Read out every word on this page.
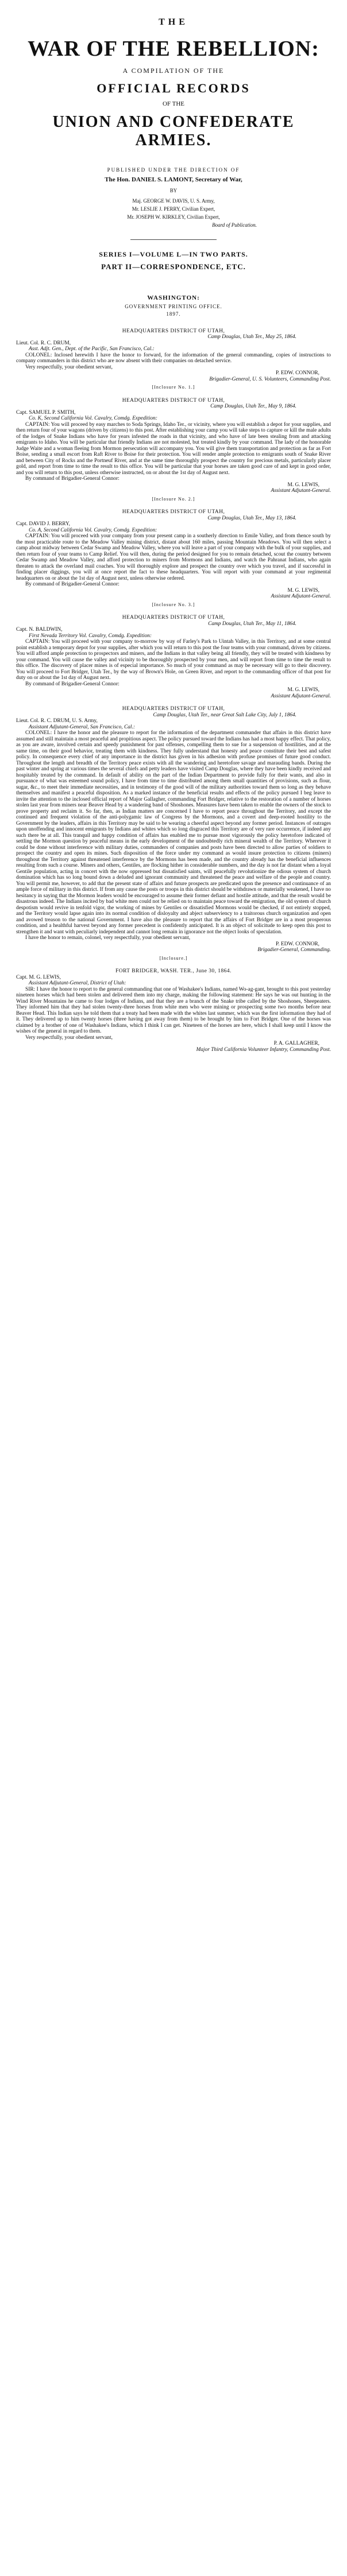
THE
WAR OF THE REBELLION:
A COMPILATION OF THE
OFFICIAL RECORDS
OF THE
UNION AND CONFEDERATE ARMIES.
PUBLISHED UNDER THE DIRECTION OF
The Hon. DANIEL S. LAMONT, Secretary of War,
BY
Maj. GEORGE W. DAVIS, U. S. Army,
Mr. LESLIE J. PERRY, Civilian Expert,
Mr. JOSEPH W. KIRKLEY, Civilian Expert,
Board of Publication.
SERIES I—VOLUME L—IN TWO PARTS.
PART II—CORRESPONDENCE, ETC.
WASHINGTON:
GOVERNMENT PRINTING OFFICE.
1897.
HEADQUARTERS DISTRICT OF UTAH,
Camp Douglas, Utah Ter., May 25, 1864.
Lieut. Col. R. C. DRUM,
Asst. Adjt. Gen., Dept. of the Pacific, San Francisco, Cal.:

COLONEL: Inclosed herewith I have the honor to forward, for the information of the general commanding, copies of instructions to company commanders in this district who are now absent with their companies on detached service.

Very respectfully, your obedient servant,

P. EDW. CONNOR,
Brigadier-General, U. S. Volunteers, Commanding Post.
[Inclosure No. 1.]
HEADQUARTERS DISTRICT OF UTAH,
Camp Douglas, Utah Ter., May 9, 1864.
Capt. SAMUEL P. SMITH,
Co. K, Second California Vol. Cavalry, Comdg. Expedition:

CAPTAIN: You will proceed by easy marches to Soda Springs, Idaho Ter., or vicinity, where you will establish a depot for your supplies, and then return four of your wagons (driven by citizens) to this post. After establishing your camp you will take steps to capture or kill the male adults of the lodges of Snake Indians who have for years infested the roads in that vicinity, and who have of late been stealing from and attacking emigrants to Idaho. You will be particular that friendly Indians are not molested, but treated kindly by your command. The lady of the honorable Judge Waite and a woman fleeing from Mormon persecution will accompany you. You will give them transportation and protection as far as Fort Boise, sending a small escort from Raft River to Boise for their protection. You will render ample protection to emigrants south of Snake River and between City of Rocks and the Portneuf River, and at the same time thoroughly prospect the country for precious metals, particularly placer gold, and report from time to time the result to this office. You will be particular that your horses are taken good care of and kept in good order, and you will return to this post, unless otherwise instructed, on or about the 1st day of August next.

By command of Brigadier-General Connor:

M. G. LEWIS,
Assistant Adjutant-General.
[Inclosure No. 2.]
HEADQUARTERS DISTRICT OF UTAH,
Camp Douglas, Utah Ter., May 13, 1864.
Capt. DAVID J. BERRY,
Co. A, Second California Vol. Cavalry, Comdg. Expedition:

CAPTAIN: You will proceed with your company from your present camp in a southerly direction to Emile Valley, and from thence south by the most practicable route to the Meadow Valley mining district, distant about 160 miles, passing Mountain Meadows. You will then select a camp about midway between Cedar Swamp and Meadow Valley, where you will leave a part of your company with the bulk of your supplies, and then return four of your teams to Camp Relief. You will then, during the period designed for you to remain detached, scout the country between Cedar Swamp and Meadow Valley, and afford protection to miners from Mormons and Indians, and watch the Pahranat Indians, who again threaten to attack the overland mail coaches. You will thoroughly explore and prospect the country over which you travel, and if successful in finding placer diggings, you will at once report the fact to these headquarters. You will report with your command at your regimental headquarters on or about the 1st day of August next, unless otherwise ordered.

By command of Brigadier-General Connor:

M. G. LEWIS,
Assistant Adjutant-General.
[Inclosure No. 3.]
HEADQUARTERS DISTRICT OF UTAH,
Camp Douglas, Utah Ter., May 11, 1864.
Capt. N. BALDWIN,
First Nevada Territory Vol. Cavalry, Comdg. Expedition:

CAPTAIN: You will proceed with your company to-morrow by way of Farley's Park to Uintah Valley, in this Territory, and at some central point establish a temporary depot for your supplies, after which you will return to this post the four teams with your command, driven by citizens. You will afford ample protection to prospectors and miners, and the Indians in that valley being all friendly, they will be treated with kindness by your command. You will cause the valley and vicinity to be thoroughly prospected by your men, and will report from time to time the result to this office. The discovery of placer mines is of especial importance. So much of your command as may be necessary will go to their discovery. You will proceed to Fort Bridger, Utah Ter., by the way of Brown's Hole, on Green River, and report to the commanding officer of that post for duty on or about the 1st day of August next.

By command of Brigadier-General Connor:

M. G. LEWIS,
Assistant Adjutant-General.
HEADQUARTERS DISTRICT OF UTAH,
Camp Douglas, Utah Ter., near Great Salt Lake City, July 1, 1864.
Lieut. Col. R. C. DRUM, U. S. Army,
Assistant Adjutant-General, San Francisco, Cal.:

COLONEL: I have the honor and the pleasure to report for the information of the department commander that affairs in this district have assumed and still maintain a most peaceful and propitious aspect. The policy pursued toward the Indians has had a most happy effect. That policy, as you are aware, involved certain and speedy punishment for past offenses, compelling them to sue for a suspension of hostilities, and at the same time, on their good behavior, treating them with kindness. They fully understand that honesty and peace constitute their best and safest policy. In consequence every chief of any importance in the district has given in his adhesion with profuse promises of future good conduct. Throughout the length and breadth of the Territory peace exists with all the wandering and heretofore savage and marauding bands. During the past winter and spring at various times the several chiefs and petty leaders have visited Camp Douglas, where they have been kindly received and hospitably treated by the command. In default of ability on the part of the Indian Department to provide fully for their wants, and also in pursuance of what was esteemed sound policy, I have from time to time distributed among them small quantities of provisions, such as flour, sugar, &c., to meet their immediate necessities, and in testimony of the good will of the military authorities toward them so long as they behave themselves and manifest a peaceful disposition. As a marked instance of the beneficial results and effects of the policy pursued I beg leave to invite the attention to the inclosed official report of Major Gallagher, commanding Fort Bridger, relative to the restoration of a number of horses stolen last year from miners near Beaver Head by a wandering band of Shoshones. Measures have been taken to enable the owners of the stock to prove property and reclaim it. So far, then, as Indian matters are concerned I have to report peace throughout the Territory, and except the continued and frequent violation of the anti-polygamic law of Congress by the Mormons, and a covert and deep-rooted hostility to the Government by the leaders, affairs in this Territory may be said to be wearing a cheerful aspect beyond any former period. Instances of outrages upon unoffending and innocent emigrants by Indians and whites which so long disgraced this Territory are of very rare occurrence, if indeed any such there be at all. This tranquil and happy condition of affairs has enabled me to pursue most vigorously the policy heretofore indicated of settling the Mormon question by peaceful means in the early development of the undoubtedly rich mineral wealth of the Territory. Wherever it could be done without interference with military duties, commanders of companies and posts have been directed to allow parties of soldiers to prospect the country and open its mines. Such disposition of the force under my command as would insure protection to citizens (miners) throughout the Territory against threatened interference by the Mormons has been made, and the country already has the beneficial influences resulting from such a course. Miners and others, Gentiles, are flocking hither in considerable numbers, and the day is not far distant when a loyal Gentile population, acting in concert with the now oppressed but dissatisfied saints, will peacefully revolutionize the odious system of church domination which has so long bound down a deluded and ignorant community and threatened the peace and welfare of the people and country. You will permit me, however, to add that the present state of affairs and future prospects are predicated upon the presence and continuance of an ample force of military in this district. If from any cause the posts or troops in this district should be withdrawn or materially weakened, I have no hesitancy in saying that the Mormon leaders would be encouraged to assume their former defiant and hostile attitude, and that the result would be disastrous indeed. The Indians incited by bad white men could not be relied on to maintain peace toward the emigration, the old system of church despotism would revive in tenfold vigor, the working of mines by Gentiles or dissatisfied Mormons would be checked, if not entirely stopped, and the Territory would lapse again into its normal condition of disloyalty and abject subserviency to a traitorous church organization and open and avowed treason to the national Government. I have also the pleasure to report that the affairs of Fort Bridger are in a most prosperous condition, and a healthful harvest beyond any former precedent is confidently anticipated. It is an object of solicitude to keep open this post to strengthen it and want with peculiarly independent and cannot long remain in ignorance not the object looks of speculation.

I have the honor to remain, colonel, very respectfully, your obedient servant,

P. EDW. CONNOR,
Brigadier-General, Commanding.
[Inclosure.]
FORT BRIDGER, WASH. TER., June 30, 1864.
Capt. M. G. LEWIS,
Assistant Adjutant-General, District of Utah:

SIR: I have the honor to report to the general commanding that one of Washakee's Indians, named Wo-ag-gant, brought to this post yesterday nineteen horses which had been stolen and delivered them into my charge, making the following statement: He says he was out hunting in the Wind River Mountains he came to four lodges of Indians, and that they are a branch of the Snake tribe called by the Shoshones, Sheepeaters. They informed him that they had stolen twenty-three horses from white men who were mining or prospecting some two months before near Beaver Head. This Indian says he told them that a treaty had been made with the whites last summer, which was the first information they had of it. They delivered up to him twenty horses (three having got away from them) to be brought by him to Fort Bridger. One of the horses was claimed by a brother of one of Washakee's Indians, which I think I can get. Nineteen of the horses are here, which I shall keep until I know the wishes of the general in regard to them.

Very respectfully, your obedient servant,

P. A. GALLAGHER,
Major Third California Volunteer Infantry, Commanding Post.
